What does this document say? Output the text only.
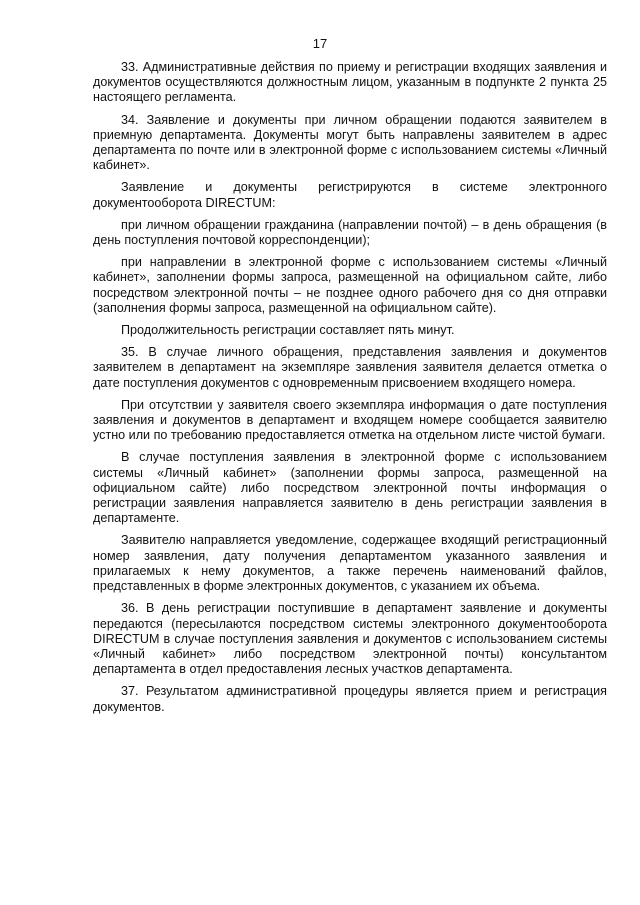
17

33. Административные действия по приему и регистрации входящих заявления и документов осуществляются должностным лицом, указанным в подпункте 2 пункта 25 настоящего регламента.

34. Заявление и документы при личном обращении подаются заявителем в приемную департамента. Документы могут быть направлены заявителем в адрес департамента по почте или в электронной форме с использованием системы «Личный кабинет».

Заявление и документы регистрируются в системе электронного документооборота DIRECTUM:

при личном обращении гражданина (направлении почтой) – в день обращения (в день поступления почтовой корреспонденции);

при направлении в электронной форме с использованием системы «Личный кабинет», заполнении формы запроса, размещенной на официальном сайте, либо посредством электронной почты – не позднее одного рабочего дня со дня отправки (заполнения формы запроса, размещенной на официальном сайте).

Продолжительность регистрации составляет пять минут.

35. В случае личного обращения, представления заявления и документов заявителем в департамент на экземпляре заявления заявителя делается отметка о дате поступления документов с одновременным присвоением входящего номера.

При отсутствии у заявителя своего экземпляра информация о дате поступления заявления и документов в департамент и входящем номере сообщается заявителю устно или по требованию предоставляется отметка на отдельном листе чистой бумаги.

В случае поступления заявления в электронной форме с использованием системы «Личный кабинет» (заполнении формы запроса, размещенной на официальном сайте) либо посредством электронной почты информация о регистрации заявления направляется заявителю в день регистрации заявления в департаменте.

Заявителю направляется уведомление, содержащее входящий регистрационный номер заявления, дату получения департаментом указанного заявления и прилагаемых к нему документов, а также перечень наименований файлов, представленных в форме электронных документов, с указанием их объема.

36. В день регистрации поступившие в департамент заявление и документы передаются (пересылаются посредством системы электронного документооборота DIRECTUM в случае поступления заявления и документов с использованием системы «Личный кабинет» либо посредством электронной почты) консультантом департамента в отдел предоставления лесных участков департамента.

37. Результатом административной процедуры является прием и регистрация документов.
